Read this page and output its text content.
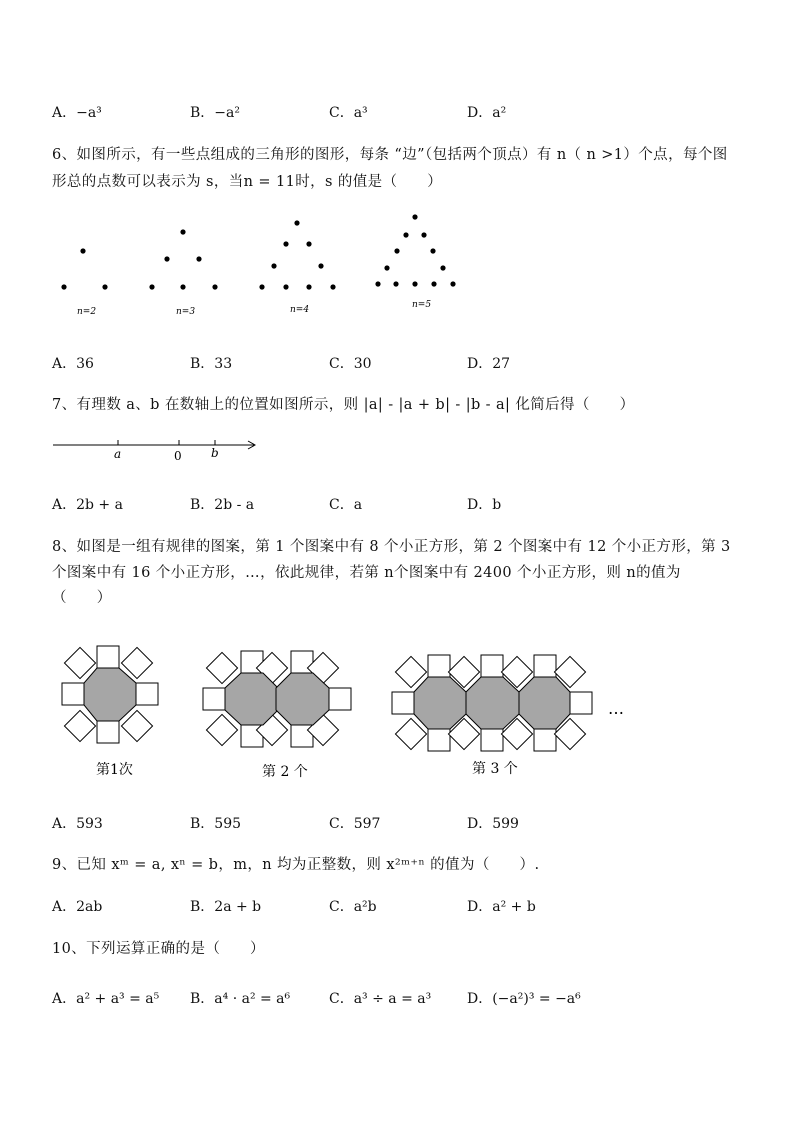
A．−a³	B．−a²	C．a³	D．a²
6、如图所示，有一些点组成的三角形的图形，每条 “边”（包括两个顶点）有 n（ n >1）个点，每个图
形总的点数可以表示为 s，当n = 11时，s 的值是（　　）
n=2	n=3	n=4	n=5
A．36	B．33	C．30	D．27
7、有理数 a、b 在数轴上的位置如图所示，则 |a| - |a + b| - |b - a| 化简后得（　　）
a	0 b
A．2b + a	B．2b - a	C．a	D．b
8、如图是一组有规律的图案，第 1 个图案中有 8 个小正方形，第 2 个图案中有 12 个小正方形，第 3
个图案中有 16 个小正方形，…，依此规律，若第 n个图案中有 2400 个小正方形，则 n的值为
（　　）
…
第1次	第 2 个	第 3 个
A．593	B．595	C．597	D．599
9、已知 xᵐ = a, xⁿ = b，m，n 均为正整数，则 x²ᵐ⁺ⁿ 的值为（　　）.
A．2ab	B．2a + b	C．a²b	D．a² + b
10、下列运算正确的是（　　）
A．a² + a³ = a⁵ B．a⁴ · a² = a⁶	C．a³ ÷ a = a³	D．(−a²)³ = −a⁶
